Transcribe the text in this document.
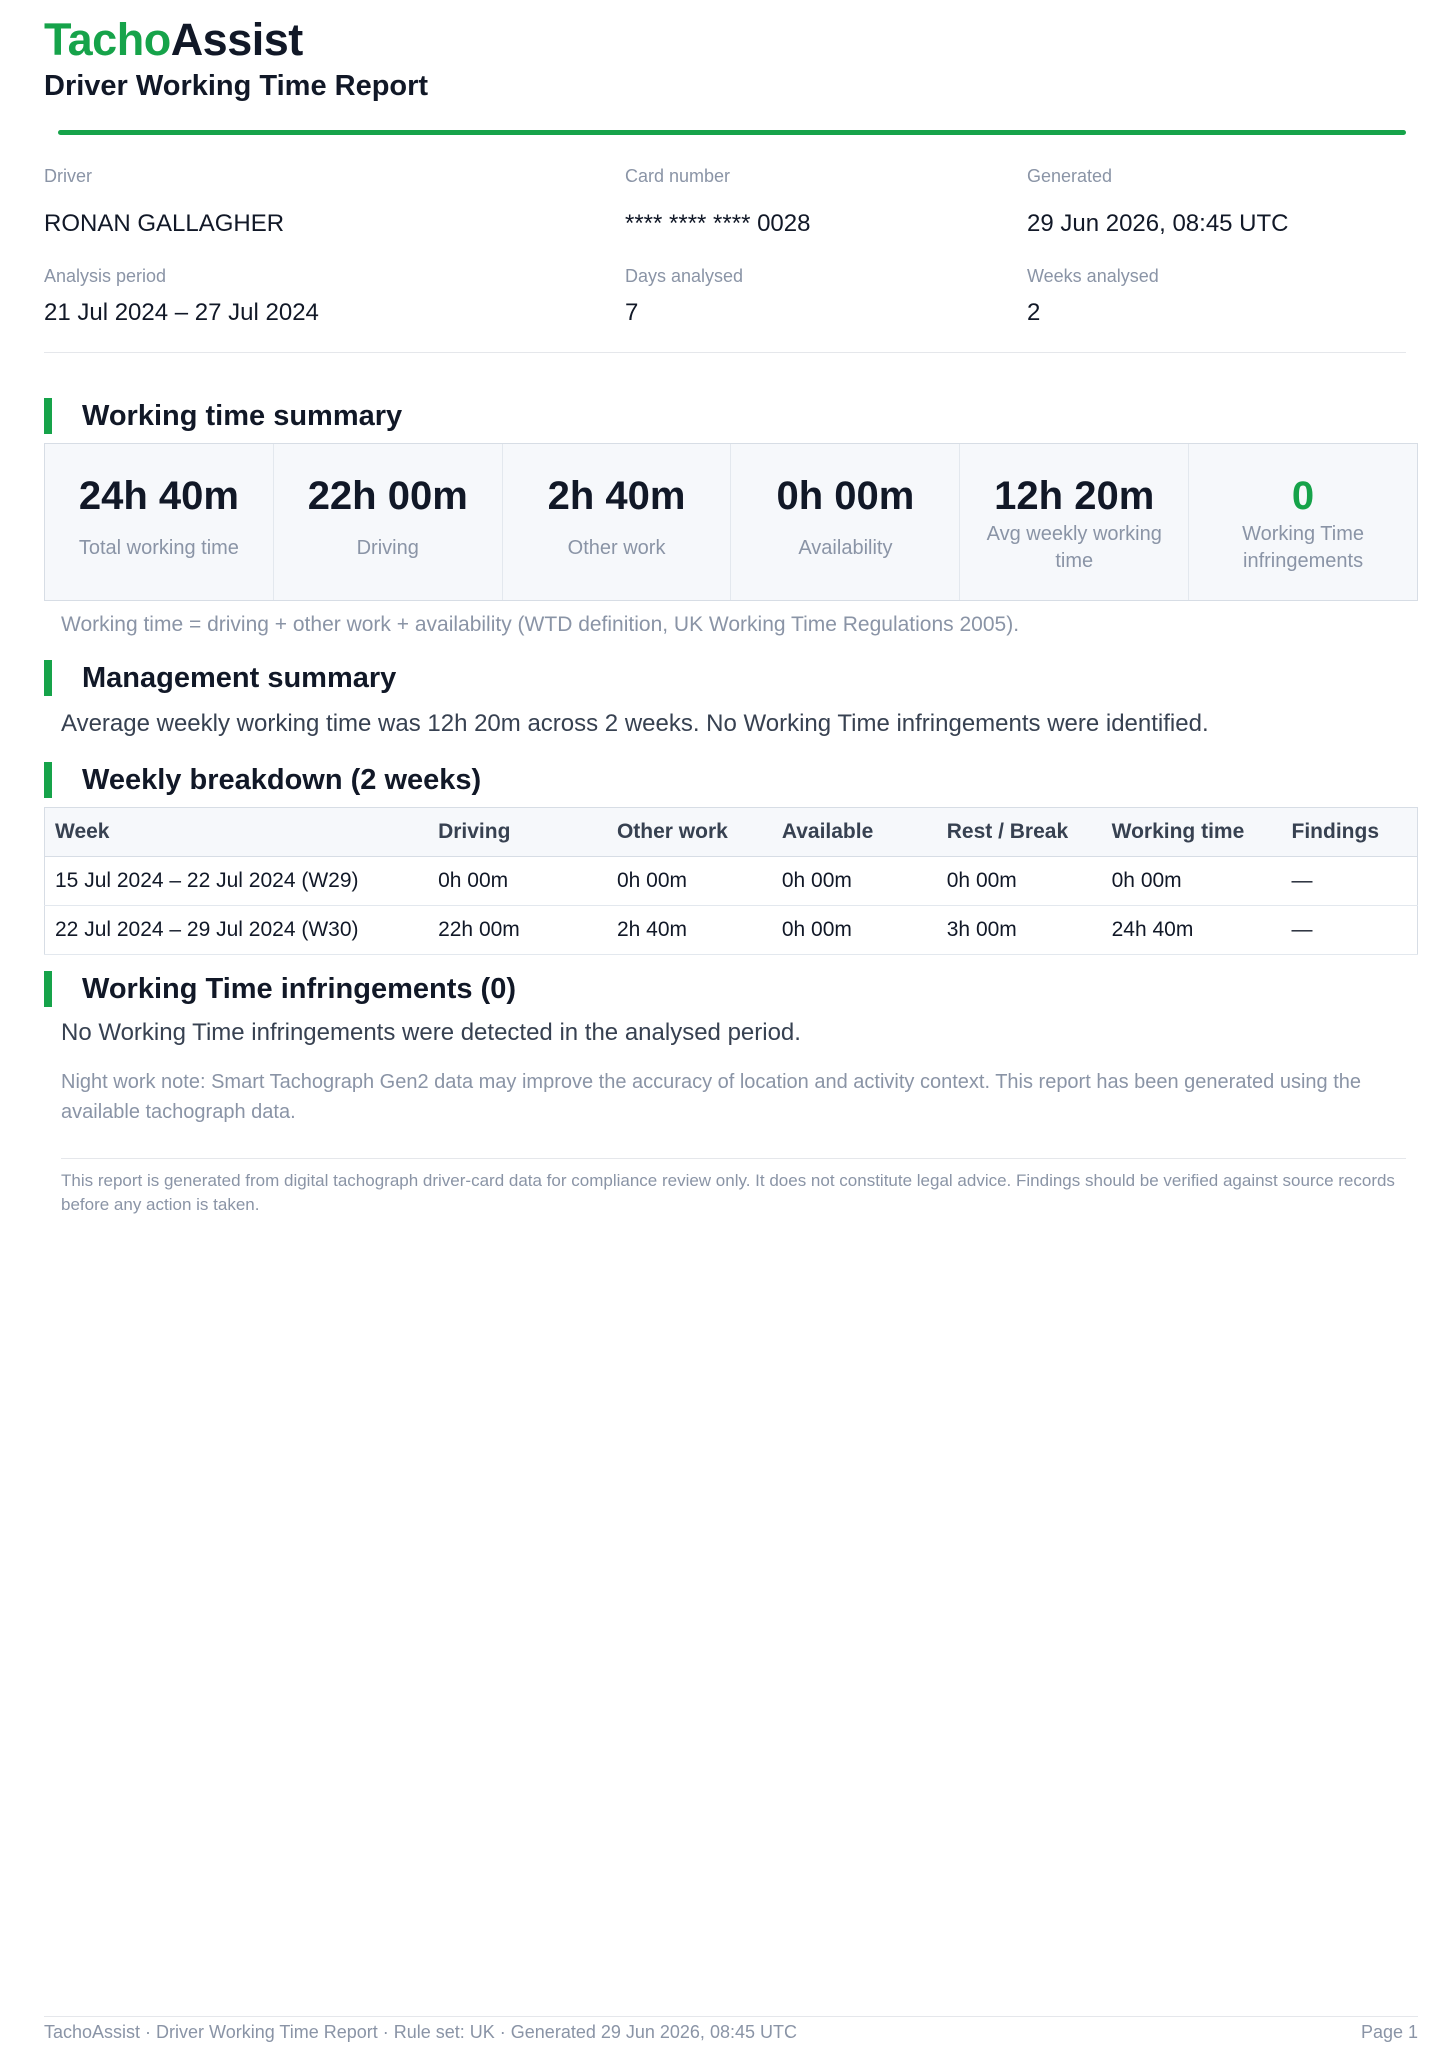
TachoAssist
Driver Working Time Report
Driver
RONAN GALLAGHER
Card number
**** **** **** 0028
Generated
29 Jun 2026, 08:45 UTC
Analysis period
21 Jul 2024 – 27 Jul 2024
Days analysed
7
Weeks analysed
2
Working time summary
24h 40m
Total working time
22h 00m
Driving
2h 40m
Other work
0h 00m
Availability
12h 20m
Avg weekly working time
0
Working Time infringements
Working time = driving + other work + availability (WTD definition, UK Working Time Regulations 2005).
Management summary
Average weekly working time was 12h 20m across 2 weeks. No Working Time infringements were identified.
Weekly breakdown (2 weeks)
Week	Driving	Other work	Available	Rest / Break	Working time	Findings
15 Jul 2024 – 22 Jul 2024 (W29)	0h 00m	0h 00m	0h 00m	0h 00m	0h 00m	—
22 Jul 2024 – 29 Jul 2024 (W30)	22h 00m	2h 40m	0h 00m	3h 00m	24h 40m	—
Working Time infringements (0)
No Working Time infringements were detected in the analysed period.
Night work note: Smart Tachograph Gen2 data may improve the accuracy of location and activity context. This report has been generated using the available tachograph data.
This report is generated from digital tachograph driver-card data for compliance review only. It does not constitute legal advice. Findings should be verified against source records before any action is taken.
TachoAssist · Driver Working Time Report · Rule set: UK · Generated 29 Jun 2026, 08:45 UTC	Page 1
